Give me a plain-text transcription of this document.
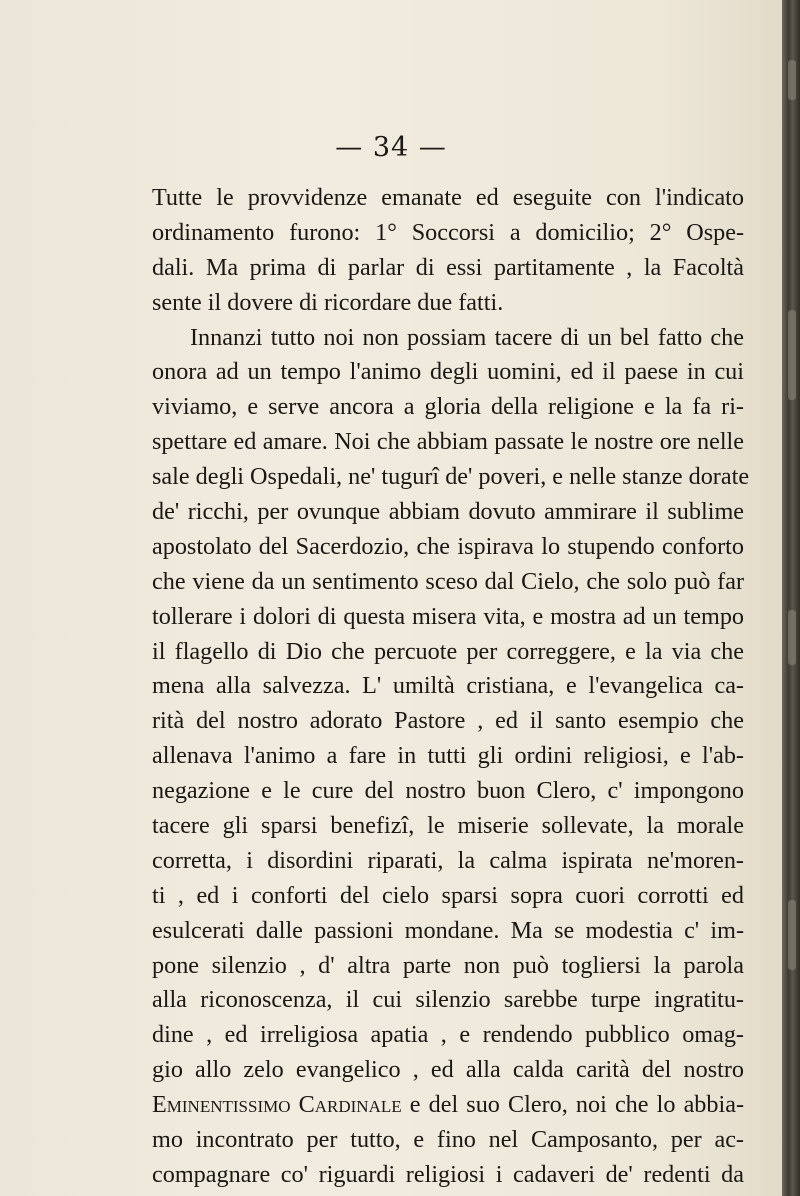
— 34 —
Tutte le provvidenze emanate ed eseguite con l'indicato
ordinamento furono: 1° Soccorsi a domicilio; 2° Ospe-
dali. Ma prima di parlar di essi partitamente , la Facoltà
sente il dovere di ricordare due fatti.
Innanzi tutto noi non possiam tacere di un bel fatto che
onora ad un tempo l'animo degli uomini, ed il paese in cui
viviamo, e serve ancora a gloria della religione e la fa ri-
spettare ed amare. Noi che abbiam passate le nostre ore nelle
sale degli Ospedali, ne' tugurî de' poveri, e nelle stanze dorate
de' ricchi, per ovunque abbiam dovuto ammirare il sublime
apostolato del Sacerdozio, che ispirava lo stupendo conforto
che viene da un sentimento sceso dal Cielo, che solo può far
tollerare i dolori di questa misera vita, e mostra ad un tempo
il flagello di Dio che percuote per correggere, e la via che
mena alla salvezza. L' umiltà cristiana, e l'evangelica ca-
rità del nostro adorato Pastore , ed il santo esempio che
allenava l'animo a fare in tutti gli ordini religiosi, e l'ab-
negazione e le cure del nostro buon Clero, c' impongono
tacere gli sparsi benefizî, le miserie sollevate, la morale
corretta, i disordini riparati, la calma ispirata ne'moren-
ti , ed i conforti del cielo sparsi sopra cuori corrotti ed
esulcerati dalle passioni mondane. Ma se modestia c' im-
pone silenzio , d' altra parte non può togliersi la parola
alla riconoscenza, il cui silenzio sarebbe turpe ingratitu-
dine , ed irreligiosa apatia , e rendendo pubblico omag-
gio allo zelo evangelico , ed alla calda carità del nostro
Eminentissimo Cardinale e del suo Clero, noi che lo abbia-
mo incontrato per tutto, e fino nel Camposanto, per ac-
compagnare co' riguardi religiosi i cadaveri de' redenti da
